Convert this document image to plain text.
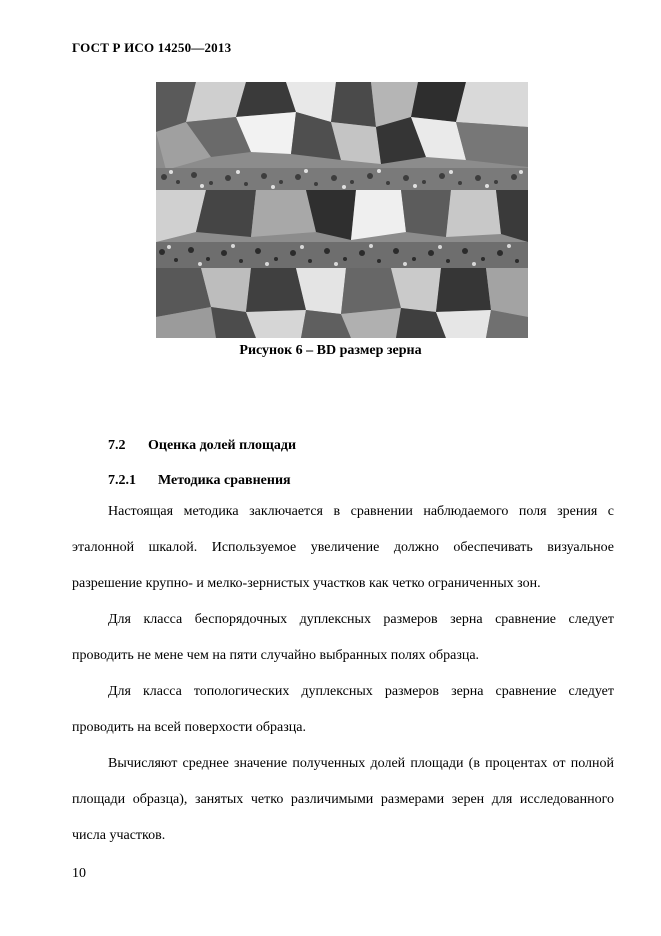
ГОСТ Р ИСО 14250—2013
Рисунок 6 – BD размер зерна
7.2 Оценка долей площади
7.2.1 Методика сравнения

Настоящая методика заключается в сравнении наблюдаемого поля зрения с эталонной шкалой. Используемое увеличение должно обеспечивать визуальное разрешение крупно- и мелко-зернистых участков как четко ограниченных зон.

Для класса беспорядочных дуплексных размеров зерна сравнение следует проводить не мене чем на пяти случайно выбранных полях образца.

Для класса топологических дуплексных размеров зерна сравнение следует проводить на всей поверхости образца.

Вычисляют среднее значение полученных долей площади (в процентах от полной площади образца), занятых четко различимыми размерами зерен для исследованного числа участков.

10
